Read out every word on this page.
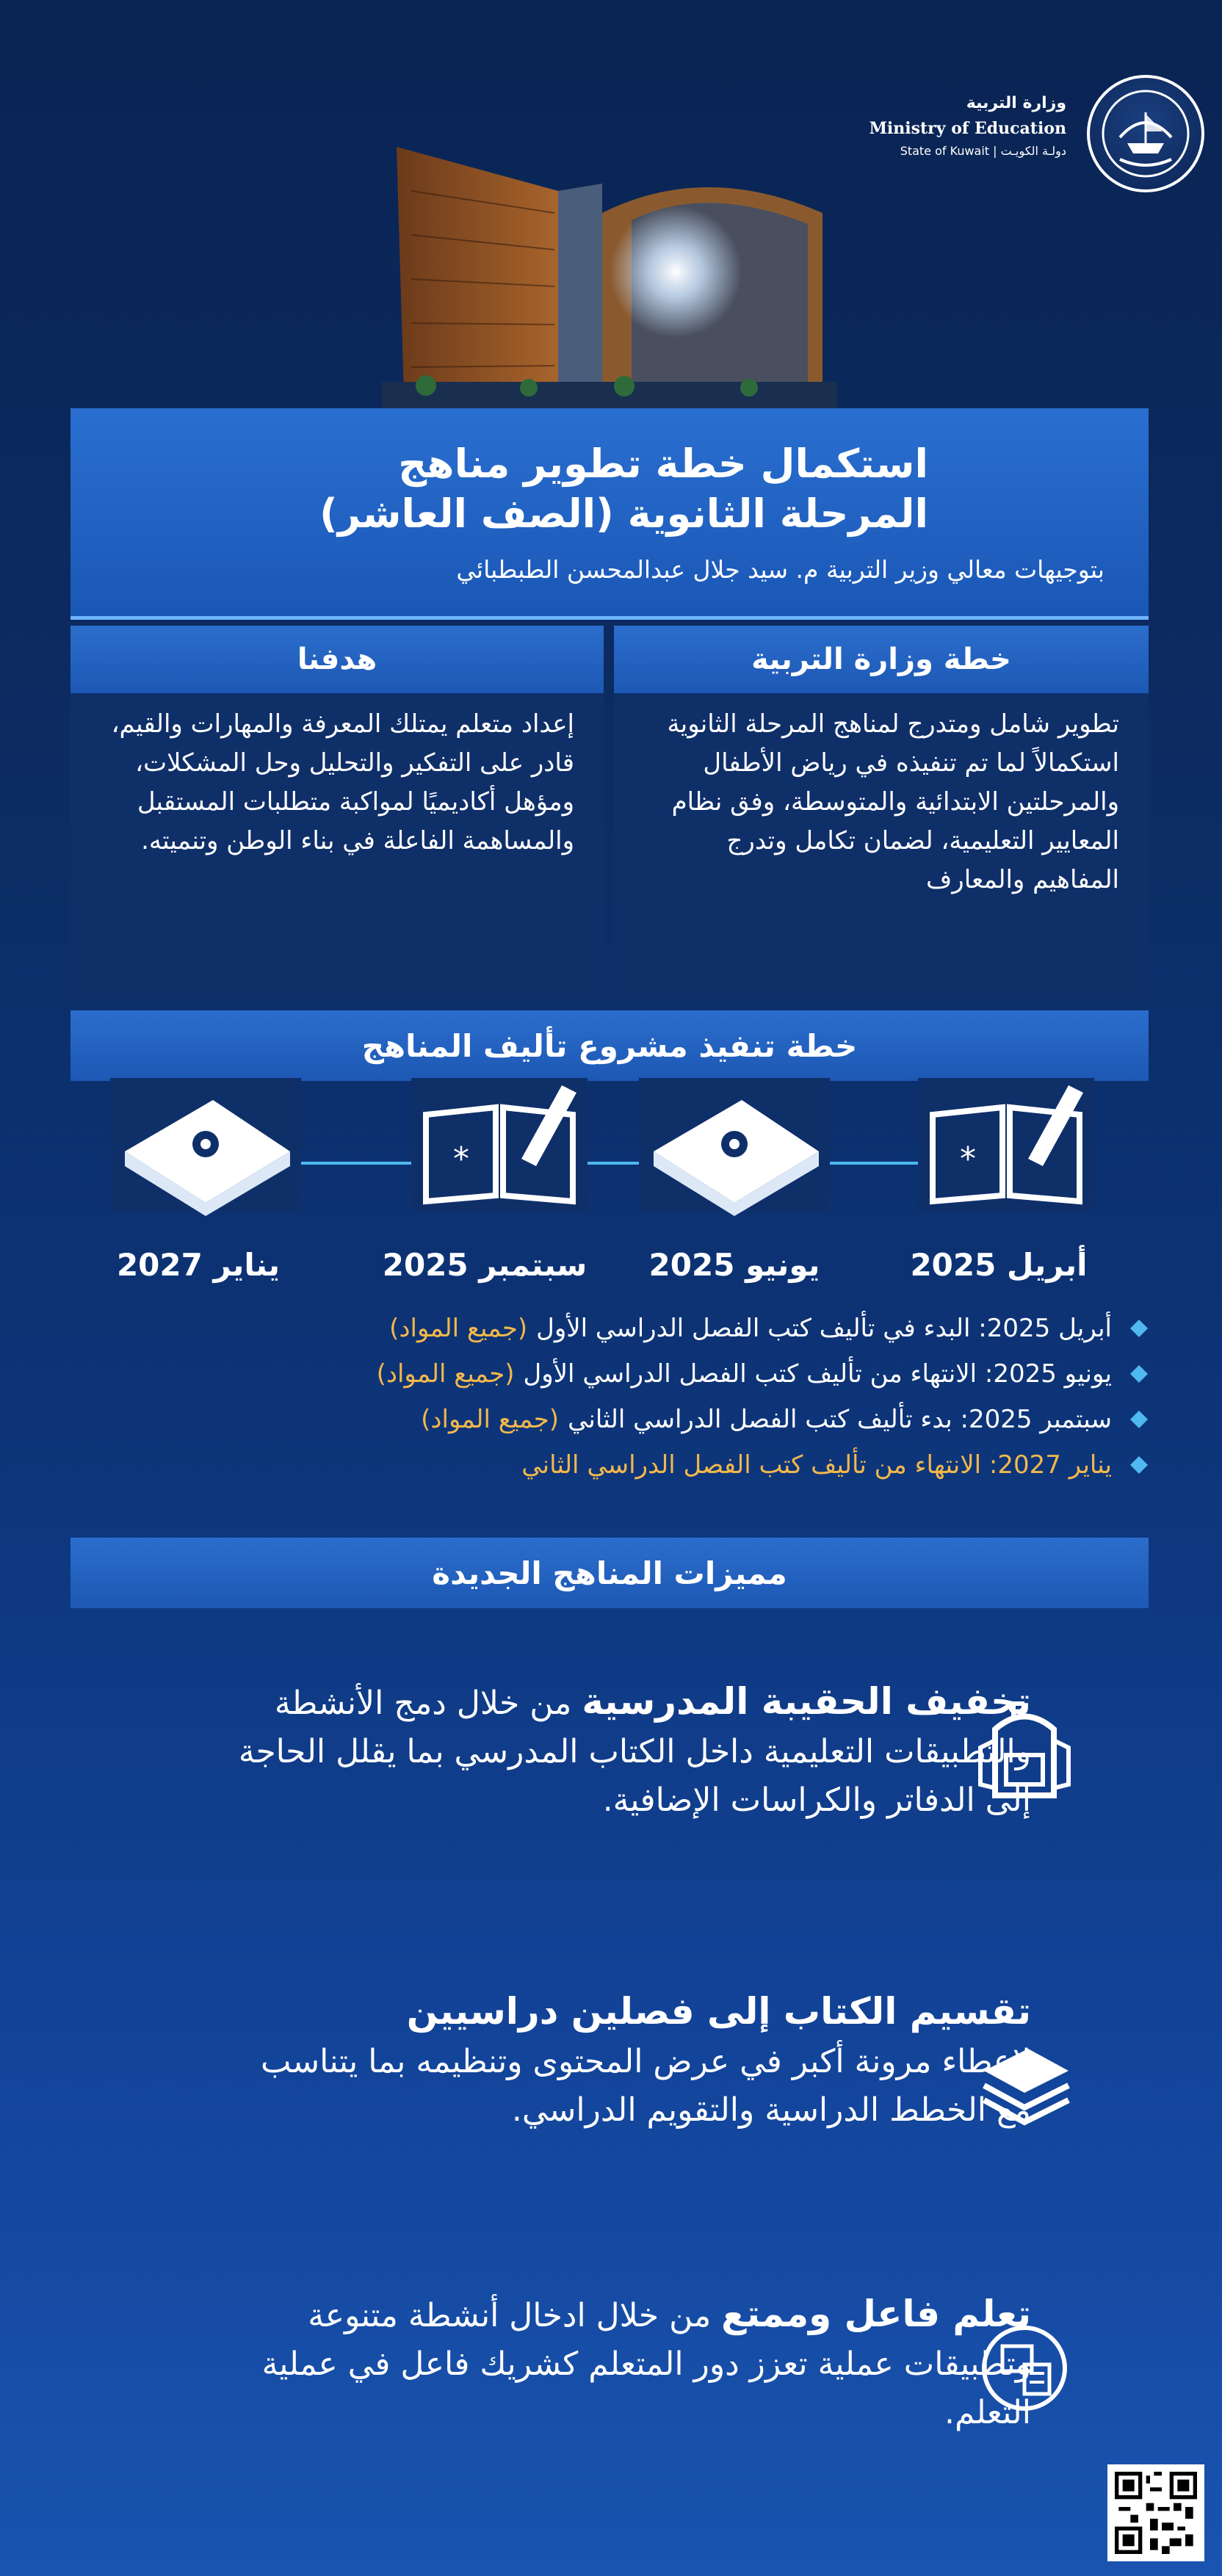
وزارة التربية
Ministry of Education
State of Kuwait | دولـة الكويـت
استكمال خطة تطوير مناهج
المرحلة الثانوية (الصف العاشر)
بتوجيهات معالي وزير التربية م. سيد جلال عبدالمحسن الطبطبائي
خطة وزارة التربية
تطوير شامل ومتدرج لمناهج المرحلة الثانوية استكمالاً لما تم تنفيذه في رياض الأطفال والمرحلتين الابتدائية والمتوسطة، وفق نظام المعايير التعليمية، لضمان تكامل وتدرج المفاهيم والمعارف
هدفنا
إعداد متعلم يمتلك المعرفة والمهارات والقيم، قادر على التفكير والتحليل وحل المشكلات، ومؤهل أكاديميًا لمواكبة متطلبات المستقبل والمساهمة الفاعلة في بناء الوطن وتنميته.
خطة تنفيذ مشروع تأليف المناهج
*
*
أبريل 2025
يونيو 2025
سبتمبر 2025
يناير 2027
أبريل 2025: البدء في تأليف كتب الفصل الدراسي الأول
(جميع المواد)
يونيو 2025: الانتهاء من تأليف كتب الفصل الدراسي الأول
(جميع المواد)
سبتمبر 2025: بدء تأليف كتب الفصل الدراسي الثاني
(جميع المواد)
يناير 2027: الانتهاء من تأليف كتب الفصل الدراسي الثاني
مميزات المناهج الجديدة
تخفيف الحقيبة المدرسية من خلال دمج الأنشطة والتطبيقات التعليمية داخل الكتاب المدرسي بما يقلل الحاجة إلى الدفاتر والكراسات الإضافية.
تقسيم الكتاب إلى فصلين دراسيين
لإعطاء مرونة أكبر في عرض المحتوى وتنظيمه بما يتناسب مع الخطط الدراسية والتقويم الدراسي.
تعلم فاعل وممتع من خلال ادخال أنشطة متنوعة وتطبيقات عملية تعزز دور المتعلم كشريك فاعل في عملية التعلم.
